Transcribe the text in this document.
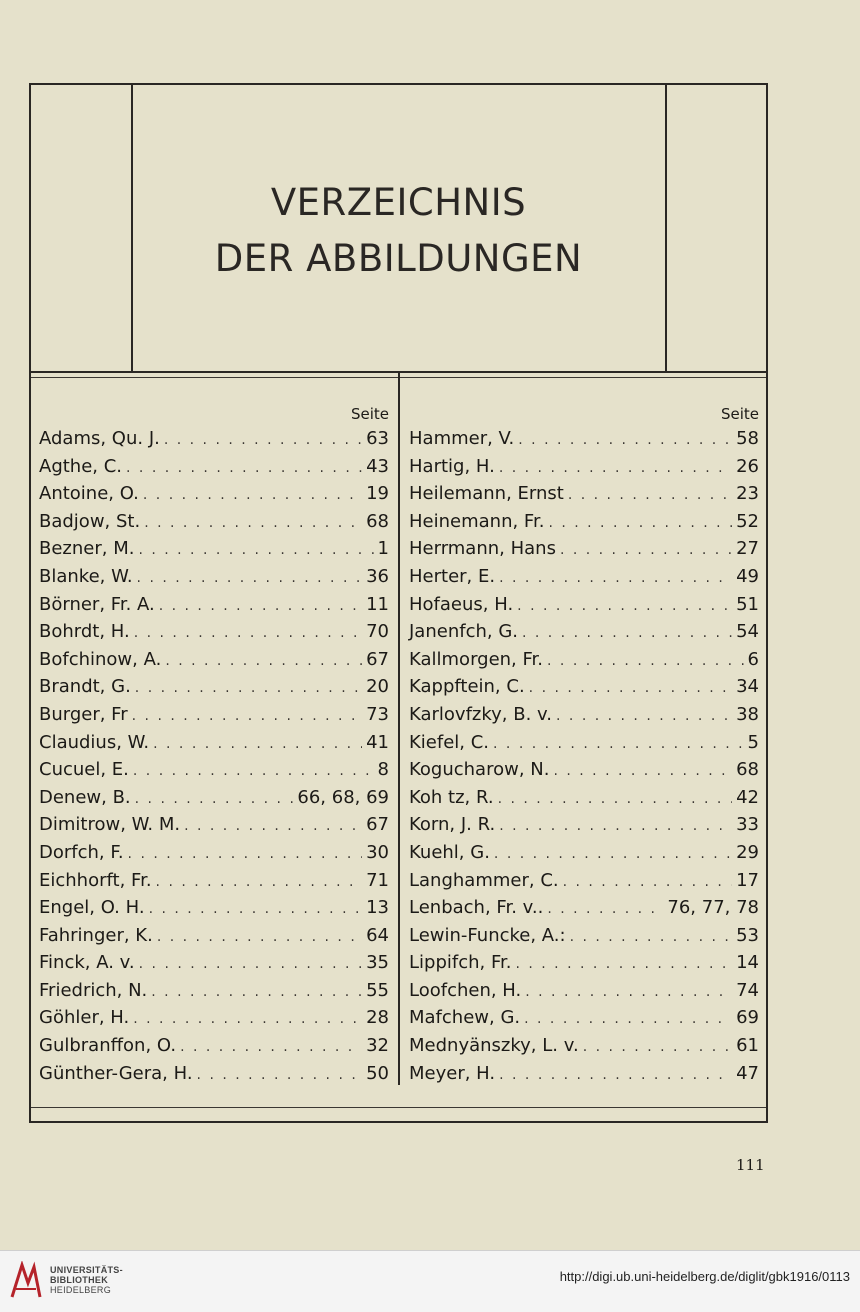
VERZEICHNIS
DER ABBILDUNGEN
Seite
Adams, Qu. J. . . .	63
Agthe, C. . . .	43
Antoine, O. . . .	19
Badjow, St. . . .	68
Bezner, M. . . .	1
Blanke, W. . . .	36
Börner, Fr. A. . . .	11
Bohrdt, H. . . .	70
Bofchinow, A. . . .	67
Brandt, G. . . .	20
Burger, Fr . . .	73
Claudius, W. . . .	41
Cucuel, E. . . .	8
Denew, B. . . .	66, 68, 69
Dimitrow, W. M. . . .	67
Dorfch, F. . . .	30
Eichhorft, Fr. . . .	71
Engel, O. H. . . .	13
Fahringer, K. . . .	64
Finck, A. v. . . .	35
Friedrich, N. . . .	55
Göhler, H. . . .	28
Gulbranffon, O. . . .	32
Günther-Gera, H. . . .	50
Seite
Hammer, V. . . .	58
Hartig, H. . . .	26
Heilemann, Ernst . . .	23
Heinemann, Fr. . . .	52
Herrmann, Hans . . .	27
Herter, E. . . .	49
Hofaeus, H. . . .	51
Janenfch, G. . . .	54
Kallmorgen, Fr. . . .	6
Kappftein, C. . . .	34
Karlovfzky, B. v. . . .	38
Kiefel, C. . . .	5
Kogucharow, N. . . .	68
Koh tz, R. . . .	42
Korn, J. R. . . .	33
Kuehl, G. . . .	29
Langhammer, C. . . .	17
Lenbach, Fr. v.. . . .	76, 77, 78
Lewin-Funcke, A.: . . .	53
Lippifch, Fr. . . .	14
Loofchen, H. . . .	74
Mafchew, G. . . .	69
Mednyänszky, L. v. . . .	61
Meyer, H. . . .	47
111
UNIVERSITÄTS-
BIBLIOTHEK
HEIDELBERG
http://digi.ub.uni-heidelberg.de/diglit/gbk1916/0113
